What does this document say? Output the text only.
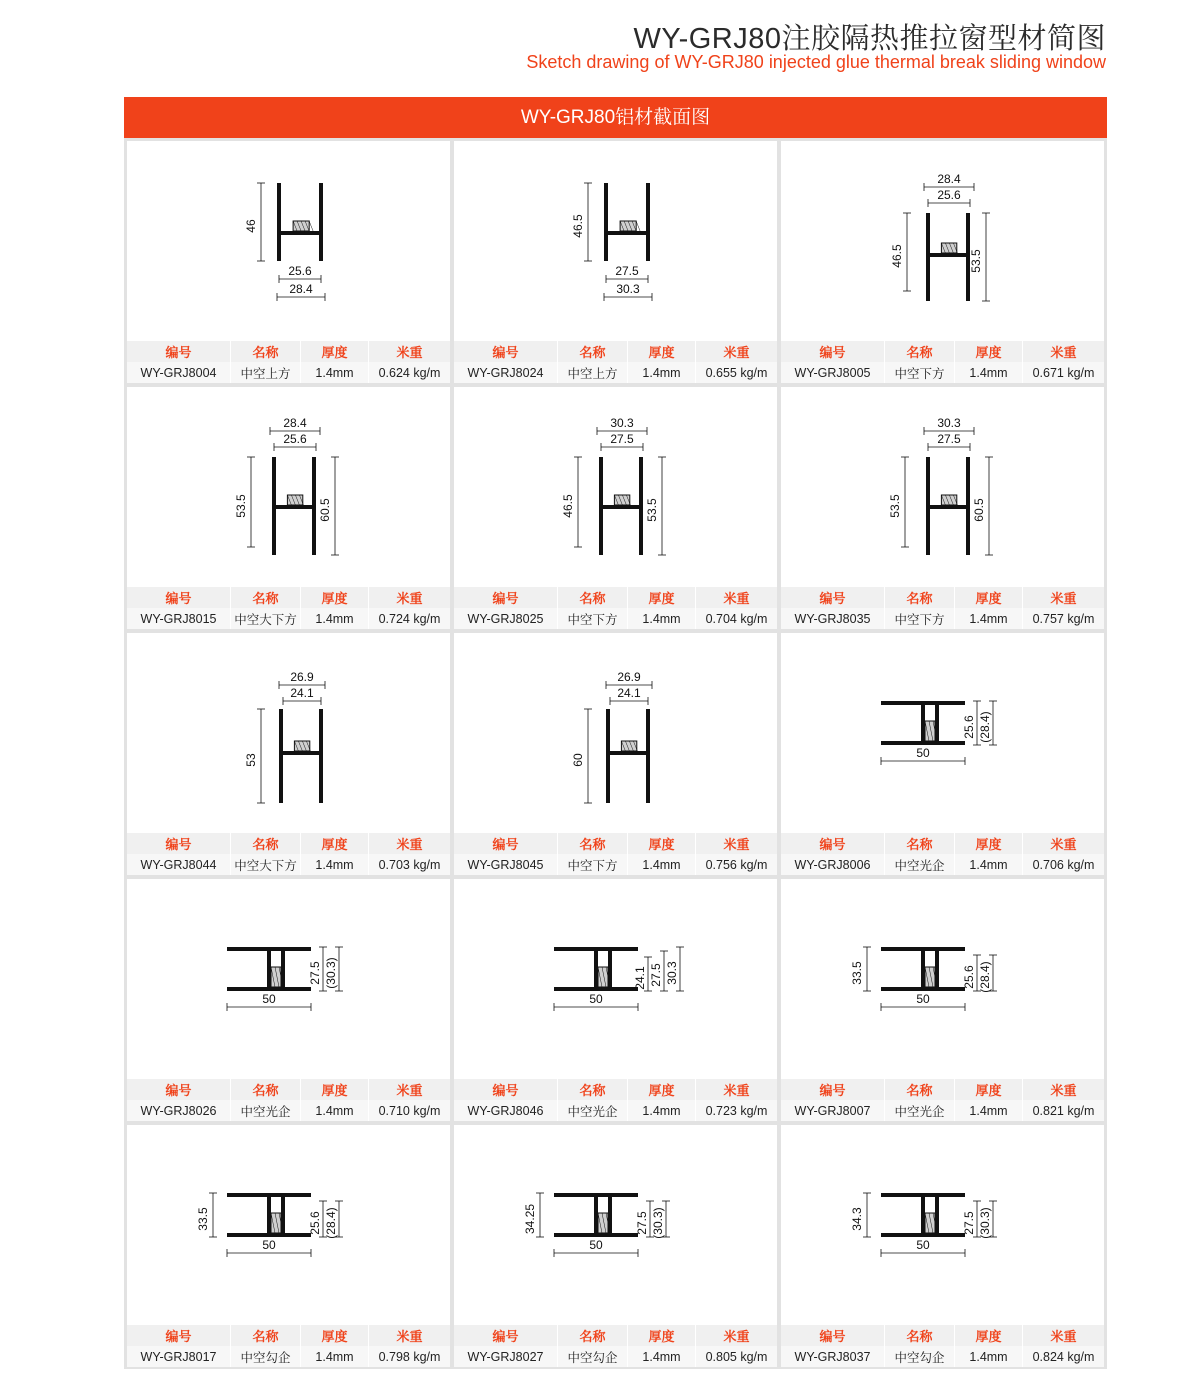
WY-GRJ80注胶隔热推拉窗型材简图
Sketch drawing of WY-GRJ80 injected glue thermal break sliding window
WY-GRJ80铝材截面图
46
25.6
28.4
编号	名称	厚度	米重
WY-GRJ8004	中空上方	1.4mm	0.624 kg/m
46.5
27.5
30.3
编号	名称	厚度	米重
WY-GRJ8024	中空上方	1.4mm	0.655 kg/m
28.4
25.6
46.5	53.5
编号	名称	厚度	米重
WY-GRJ8005	中空下方	1.4mm	0.671 kg/m
28.4
25.6
53.5	60.5
编号	名称	厚度	米重
WY-GRJ8015	中空大下方	1.4mm	0.724 kg/m
30.3
27.5
46.5	53.5
编号	名称	厚度	米重
WY-GRJ8025	中空下方	1.4mm	0.704 kg/m
30.3
27.5
53.5	60.5
编号	名称	厚度	米重
WY-GRJ8035	中空下方	1.4mm	0.757 kg/m
26.9
24.1
53
编号	名称	厚度	米重
WY-GRJ8044	中空大下方	1.4mm	0.703 kg/m
26.9
24.1
60
编号	名称	厚度	米重
WY-GRJ8045	中空下方	1.4mm	0.756 kg/m
50
25.6 (28.4)
编号	名称	厚度	米重
WY-GRJ8006	中空光企	1.4mm	0.706 kg/m
50
27.5 (30.3)
编号	名称	厚度	米重
WY-GRJ8026	中空光企	1.4mm	0.710 kg/m
50
24.1 27.5 30.3
编号	名称	厚度	米重
WY-GRJ8046	中空光企	1.4mm	0.723 kg/m
50
33.5	25.6 (28.4)
编号	名称	厚度	米重
WY-GRJ8007	中空光企	1.4mm	0.821 kg/m
50
33.5	25.6 (28.4)
编号	名称	厚度	米重
WY-GRJ8017	中空勾企	1.4mm	0.798 kg/m
50
34.25	27.5 (30.3)
编号	名称	厚度	米重
WY-GRJ8027	中空勾企	1.4mm	0.805 kg/m
50
34.3	27.5 (30.3)
编号	名称	厚度	米重
WY-GRJ8037	中空勾企	1.4mm	0.824 kg/m
